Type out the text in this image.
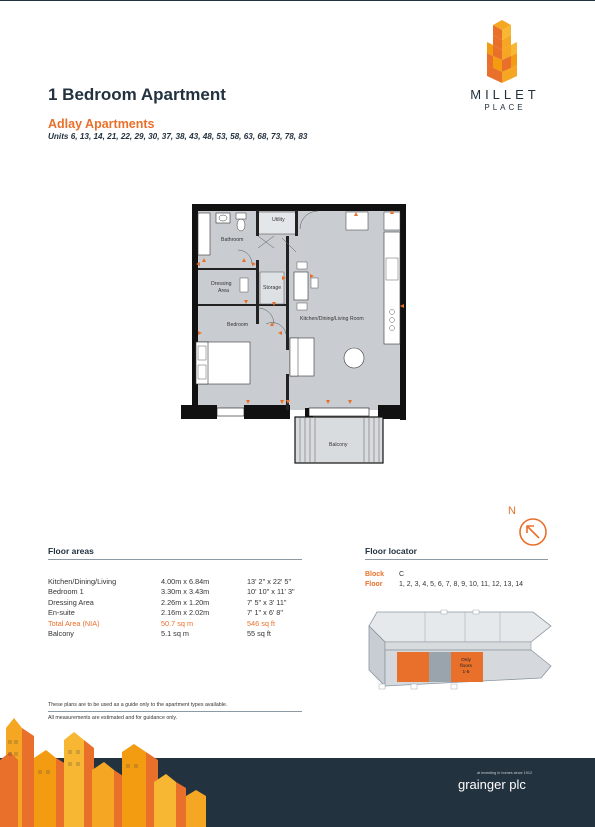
1 Bedroom Apartment
Adlay Apartments
Units 6, 13, 14, 21, 22, 29, 30, 37, 38, 43, 48, 53, 58, 63, 68, 73, 78, 83
MILLET
PLACE
Utility
Bathroom
Dressing
Area	Storage
Bedroom
Kitchen/Dining/Living Room
Balcony
N
Floor areas
Kitchen/Dining/Living	4.00m x 6.84m	13' 2" x 22' 5"
Bedroom 1	3.30m x 3.43m	10' 10" x 11' 3"
Dressing Area	2.26m x 1.20m	7' 5" x 3' 11"
En-suite	2.16m x 2.02m	7' 1" x 6' 8"
Total Area (NIA)	50.7 sq m	546 sq ft
Balcony	5.1 sq m	55 sq ft
Floor locator
Block C
Floor 1, 2, 3, 4, 5, 6, 7, 8, 9, 10, 11, 12, 13, 14
Only
floors
1-5
These plans are to be used as a guide only to the apartment types available.
All measurements are estimated and for guidance only.
at investing in homes since 1912
grainger plc
